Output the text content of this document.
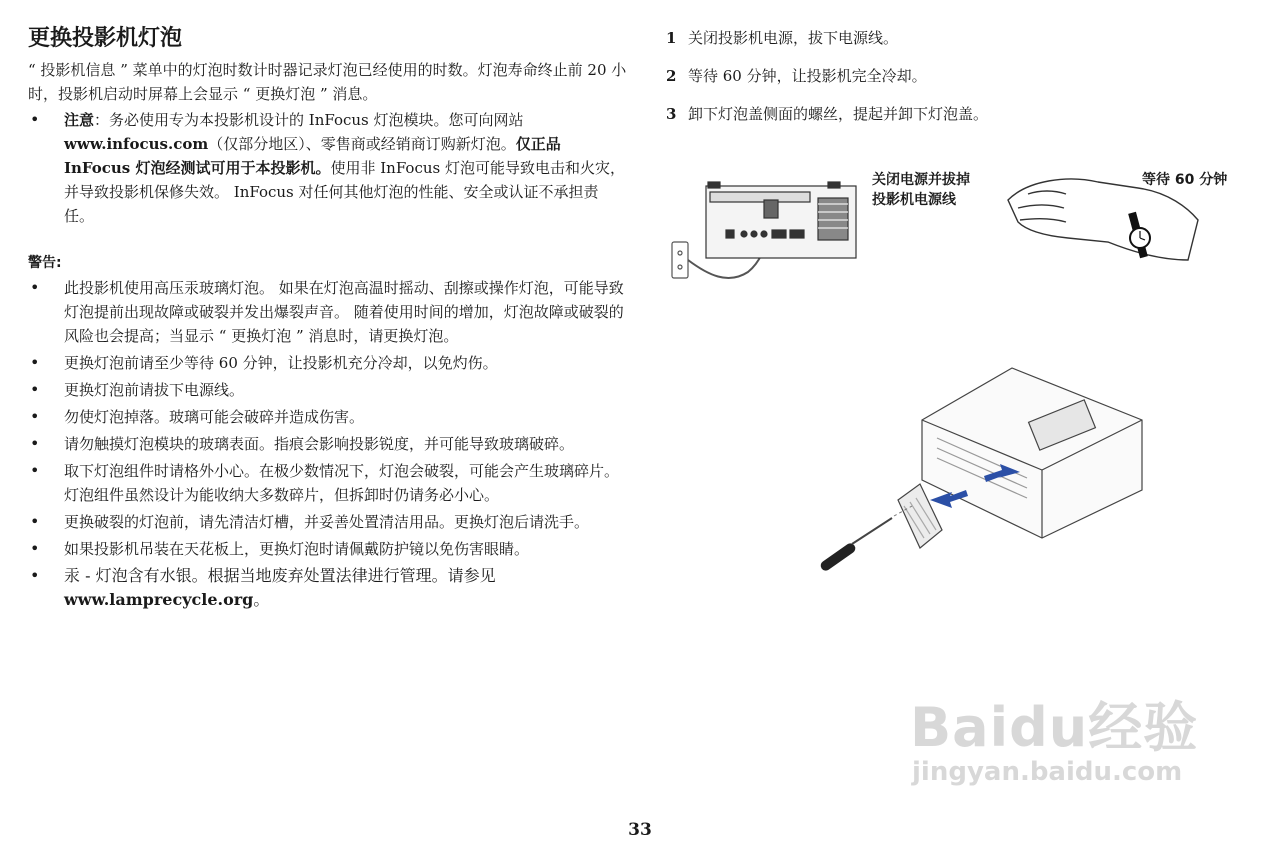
更换投影机灯泡

“ 投影机信息 ” 菜单中的灯泡时数计时器记录灯泡已经使用的时数。灯泡寿命终止前 20 小时，投影机启动时屏幕上会显示 “ 更换灯泡 ” 消息。

• 注意：务必使用专为本投影机设计的 InFocus 灯泡模块。您可向网站 www.infocus.com（仅部分地区）、零售商或经销商订购新灯泡。仅正品 InFocus 灯泡经测试可用于本投影机。使用非 InFocus 灯泡可能导致电击和火灾，并导致投影机保修失效。 InFocus 对任何其他灯泡的性能、安全或认证不承担责任。
警告:
• 此投影机使用高压汞玻璃灯泡。 如果在灯泡高温时摇动、刮擦或操作灯泡，可能导致灯泡提前出现故障或破裂并发出爆裂声音。 随着使用时间的增加，灯泡故障或破裂的风险也会提高；当显示 “ 更换灯泡 ” 消息时，请更换灯泡。
• 更换灯泡前请至少等待 60 分钟，让投影机充分冷却，以免灼伤。
• 更换灯泡前请拔下电源线。
• 勿使灯泡掉落。玻璃可能会破碎并造成伤害。
• 请勿触摸灯泡模块的玻璃表面。指痕会影响投影锐度，并可能导致玻璃破碎。
• 取下灯泡组件时请格外小心。在极少数情况下，灯泡会破裂，可能会产生玻璃碎片。灯泡组件虽然设计为能收纳大多数碎片，但拆卸时仍请务必小心。
• 更换破裂的灯泡前，请先清洁灯槽，并妥善处置清洁用品。更换灯泡后请洗手。
• 如果投影机吊装在天花板上，更换灯泡时请佩戴防护镜以免伤害眼睛。
• 汞 - 灯泡含有水银。根据当地废弃处置法律进行管理。请参见
www.lamprecycle.org。
1 关闭投影机电源，拔下电源线。
2 等待 60 分钟，让投影机完全冷却。
3 卸下灯泡盖侧面的螺丝，提起并卸下灯泡盖。
关闭电源并拔掉
投影机电源线
等待 60 分钟
Baidu经验
jingyan.baidu.com
33
